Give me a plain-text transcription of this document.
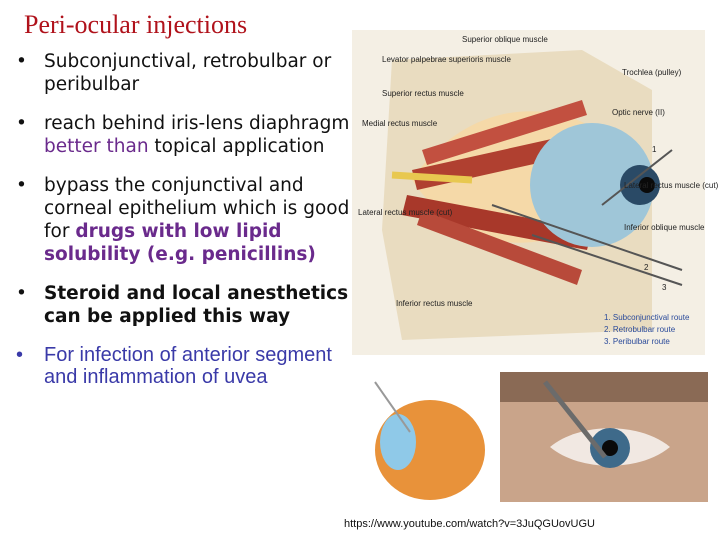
Peri-ocular injections
• Subconjunctival, retrobulbar or peribulbar
• reach behind iris-lens diaphragm better than topical application
• bypass the conjunctival and corneal epithelium which is good for drugs with low lipid solubility (e.g. penicillins)
• Steroid and local anesthetics can be applied this way
• For infection of anterior segment and inflammation of uvea
Superior oblique muscle
Levator palpebrae superioris muscle
Trochlea (pulley)
Superior rectus muscle
Optic nerve (II)
Medial rectus muscle
1
Lateral rectus muscle (cut)
Inferior oblique muscle
Lateral rectus muscle (cut)
2
3
Inferior rectus muscle
1. Subconjunctival route
2. Retrobulbar route
3. Peribulbar route
https://www.youtube.com/watch?v=3JuQGUovUGU
